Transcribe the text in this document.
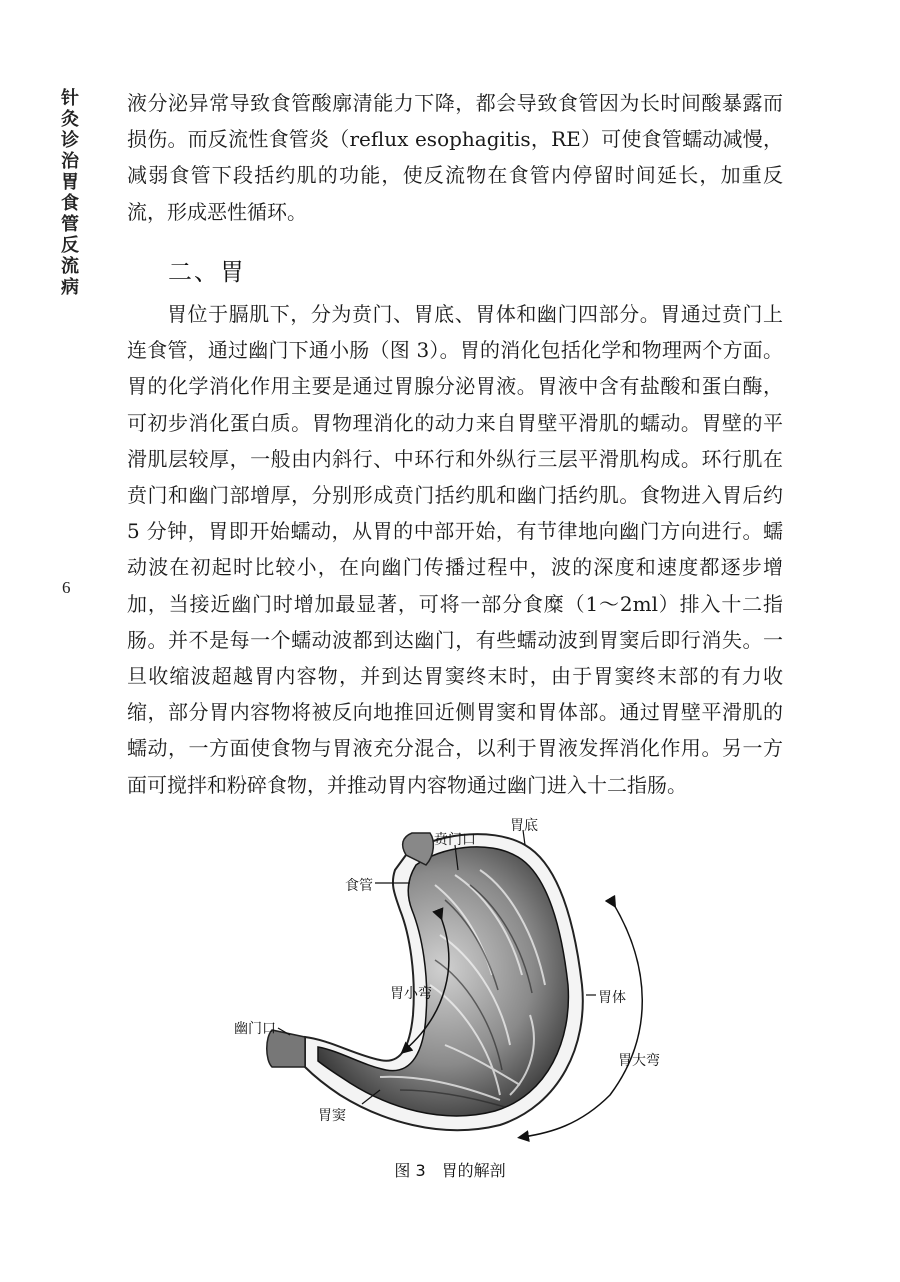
针灸诊治胃食管反流病
6
液分泌异常导致食管酸廓清能力下降，都会导致食管因为长时间酸暴露而损伤。而反流性食管炎（reflux esophagitis，RE）可使食管蠕动减慢，减弱食管下段括约肌的功能，使反流物在食管内停留时间延长，加重反流，形成恶性循环。
二、胃
胃位于膈肌下，分为贲门、胃底、胃体和幽门四部分。胃通过贲门上连食管，通过幽门下通小肠（图 3）。胃的消化包括化学和物理两个方面。胃的化学消化作用主要是通过胃腺分泌胃液。胃液中含有盐酸和蛋白酶，可初步消化蛋白质。胃物理消化的动力来自胃壁平滑肌的蠕动。胃壁的平滑肌层较厚，一般由内斜行、中环行和外纵行三层平滑肌构成。环行肌在贲门和幽门部增厚，分别形成贲门括约肌和幽门括约肌。食物进入胃后约 5 分钟，胃即开始蠕动，从胃的中部开始，有节律地向幽门方向进行。蠕动波在初起时比较小，在向幽门传播过程中，波的深度和速度都逐步增加，当接近幽门时增加最显著，可将一部分食糜（1～2ml）排入十二指肠。并不是每一个蠕动波都到达幽门，有些蠕动波到胃窦后即行消失。一旦收缩波超越胃内容物，并到达胃窦终末时，由于胃窦终末部的有力收缩，部分胃内容物将被反向地推回近侧胃窦和胃体部。通过胃壁平滑肌的蠕动，一方面使食物与胃液充分混合，以利于胃液发挥消化作用。另一方面可搅拌和粉碎食物，并推动胃内容物通过幽门进入十二指肠。
贲门口
胃底
食管
胃小弯	胃体
幽门口
胃大弯
胃窦
图 3　胃的解剖
